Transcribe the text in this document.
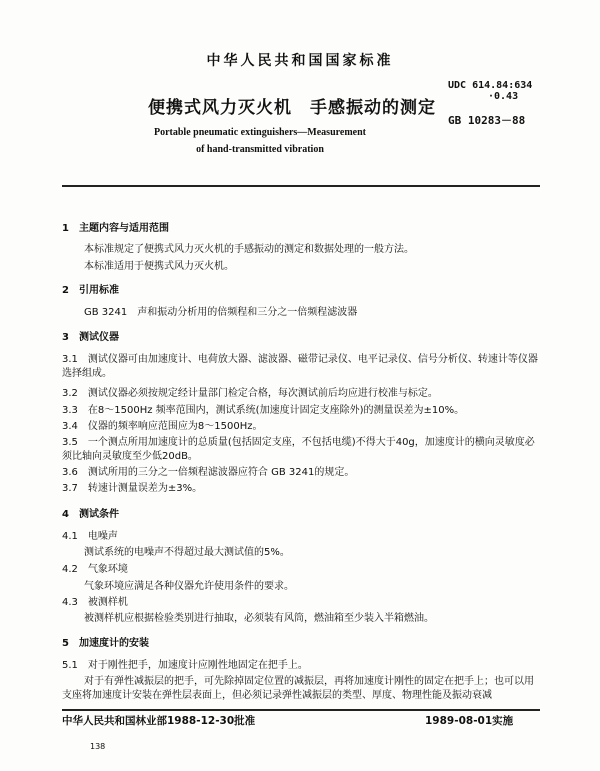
中华人民共和国国家标准
便携式风力灭火机　手感振动的测定
UDC 614.84:634
·0.43
GB 10283－88
Portable pneumatic extinguishers—Measurement
of hand-transmitted vibration
1　主题内容与适用范围
本标准规定了便携式风力灭火机的手感振动的测定和数据处理的一般方法。
本标准适用于便携式风力灭火机。
2　引用标准
GB 3241　声和振动分析用的倍频程和三分之一倍频程滤波器
3　测试仪器
3.1　测试仪器可由加速度计、电荷放大器、滤波器、磁带记录仪、电平记录仪、信号分析仪、转速计等仪器选择组成。
3.2　测试仪器必须按规定经计量部门检定合格，每次测试前后均应进行校准与标定。
3.3　在8～1500Hz 频率范围内，测试系统(加速度计固定支座除外)的测量误差为±10%。
3.4　仪器的频率响应范围应为8～1500Hz。
3.5　一个测点所用加速度计的总质量(包括固定支座，不包括电缆)不得大于40g，加速度计的横向灵敏度必须比轴向灵敏度至少低20dB。
3.6　测试所用的三分之一倍频程滤波器应符合 GB 3241的规定。
3.7　转速计测量误差为±3%。
4　测试条件
4.1　电噪声
测试系统的电噪声不得超过最大测试值的5%。
4.2　气象环境
气象环境应满足各种仪器允许使用条件的要求。
4.3　被测样机
被测样机应根据检验类别进行抽取，必须装有风筒，燃油箱至少装入半箱燃油。
5　加速度计的安装
5.1　对于刚性把手，加速度计应刚性地固定在把手上。
对于有弹性减振层的把手，可先除掉固定位置的减振层，再将加速度计刚性的固定在把手上；也可以用支座将加速度计安装在弹性层表面上，但必须记录弹性减振层的类型、厚度、物理性能及振动衰减
中华人民共和国林业部1988-12-30批准	1989-08-01实施
138
